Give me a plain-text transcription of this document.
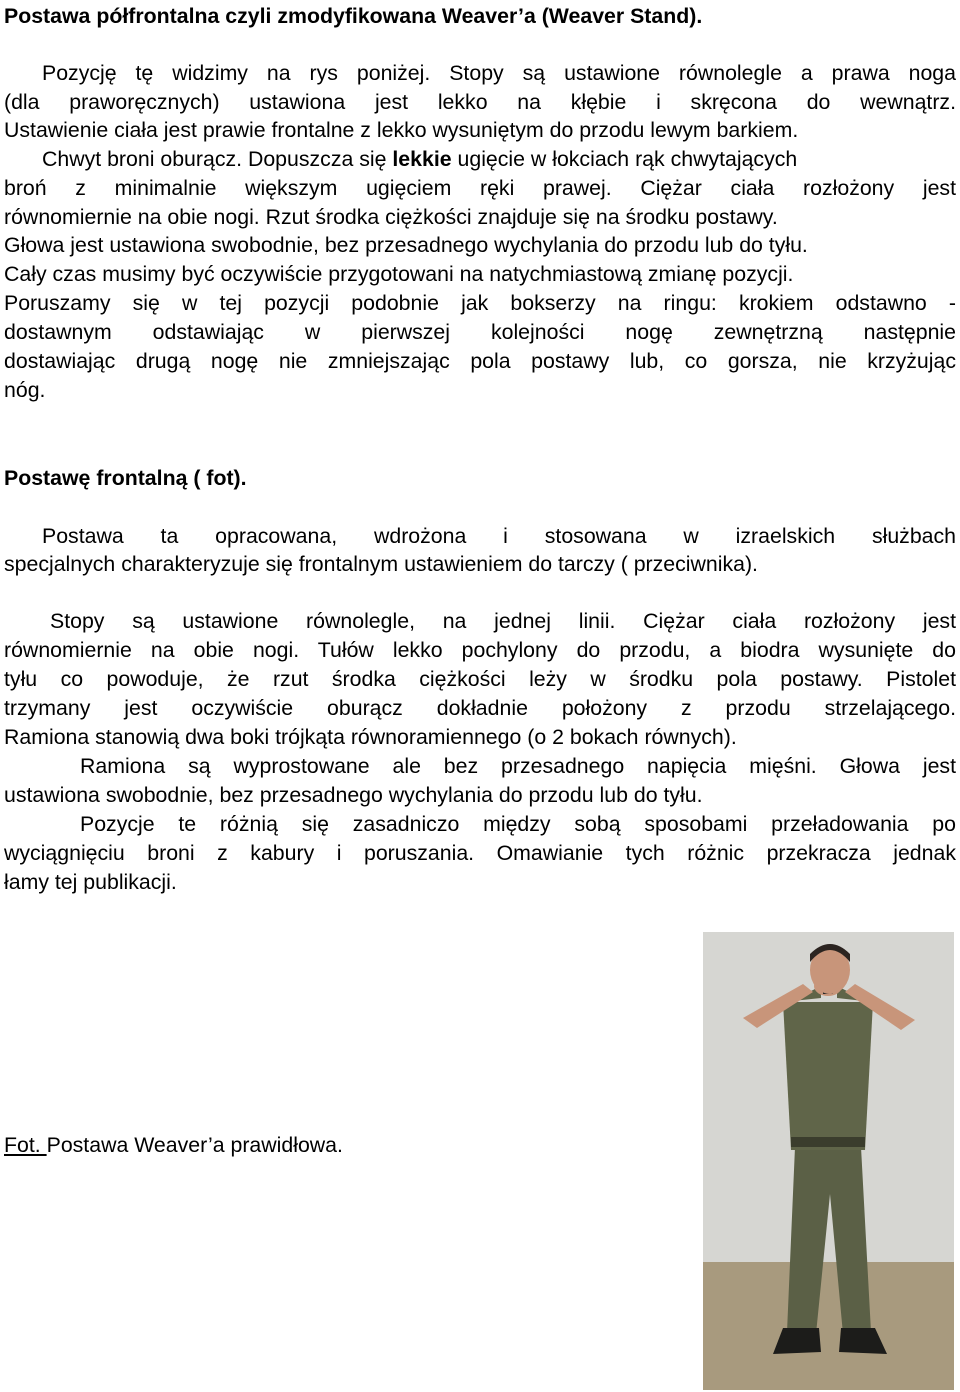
Postawa półfrontalna czyli zmodyfikowana Weaver’a (Weaver Stand).
Pozycję tę widzimy na rys poniżej. Stopy są ustawione równolegle a prawa noga
(dla praworęcznych) ustawiona jest lekko na kłębie i skręcona do wewnątrz.
Ustawienie ciała jest prawie frontalne z lekko wysuniętym do przodu lewym barkiem.
Chwyt broni oburącz. Dopuszcza się lekkie ugięcie w łokciach rąk chwytających
broń z minimalnie większym ugięciem ręki prawej. Ciężar ciała rozłożony jest
równomiernie na obie nogi. Rzut środka ciężkości znajduje się na środku postawy.
Głowa jest ustawiona swobodnie, bez przesadnego wychylania do przodu lub do tyłu.
Cały czas musimy być oczywiście przygotowani na natychmiastową zmianę pozycji.
Poruszamy się w tej pozycji podobnie jak bokserzy na ringu: krokiem odstawno -
dostawnym odstawiając w pierwszej kolejności nogę zewnętrzną następnie
dostawiając drugą nogę nie zmniejszając pola postawy lub, co gorsza, nie krzyżując
nóg.
Postawę frontalną ( fot).
Postawa ta opracowana, wdrożona i stosowana w izraelskich służbach
specjalnych charakteryzuje się frontalnym ustawieniem do tarczy ( przeciwnika).
Stopy są ustawione równolegle, na jednej linii. Ciężar ciała rozłożony jest
równomiernie na obie nogi. Tułów lekko pochylony do przodu, a biodra wysunięte do
tyłu co powoduje, że rzut środka ciężkości leży w środku pola postawy. Pistolet
trzymany jest oczywiście oburącz dokładnie położony z przodu strzelającego.
Ramiona stanowią dwa boki trójkąta równoramiennego (o 2 bokach równych).
Ramiona są wyprostowane ale bez przesadnego napięcia mięśni. Głowa jest
ustawiona swobodnie, bez przesadnego wychylania do przodu lub do tyłu.
Pozycje te różnią się zasadniczo między sobą sposobami przeładowania po
wyciągnięciu broni z kabury i poruszania. Omawianie tych różnic przekracza jednak
łamy tej publikacji.
Fot. Postawa Weaver’a prawidłowa.
